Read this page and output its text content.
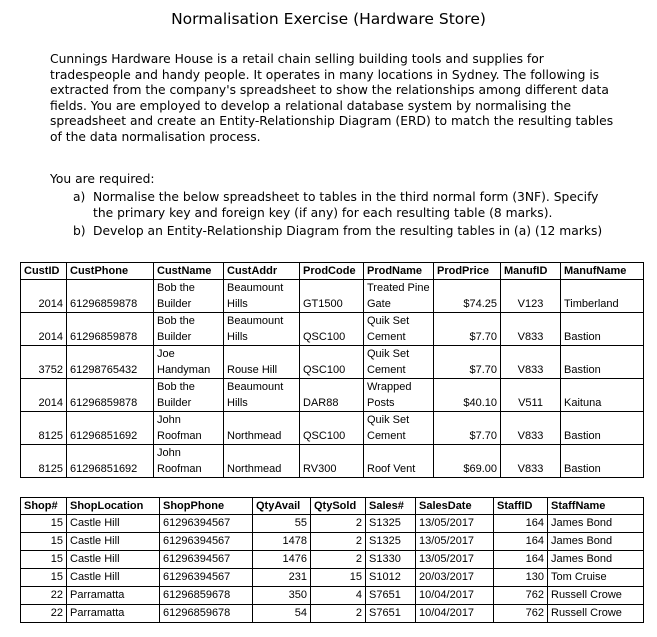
Normalisation Exercise (Hardware Store)

Cunnings Hardware House is a retail chain selling building tools and supplies for tradespeople and handy people. It operates in many locations in Sydney. The following is extracted from the company's spreadsheet to show the relationships among different data fields. You are employed to develop a relational database system by normalising the spreadsheet and create an Entity-Relationship Diagram (ERD) to match the resulting tables of the data normalisation process.

You are required:
a) Normalise the below spreadsheet to tables in the third normal form (3NF). Specify
the primary key and foreign key (if any) for each resulting table (8 marks).
b) Develop an Entity-Relationship Diagram from the resulting tables in (a) (12 marks)
CustID	CustPhone	CustName	CustAddr	ProdCode	ProdName	ProdPrice	ManufID	ManufName
2014	61296859878	Bob the Builder	Beaumount Hills	GT1500	Treated Pine Gate	$74.25	V123	Timberland
2014	61296859878	Bob the Builder	Beaumount Hills	QSC100	Quik Set Cement	$7.70	V833	Bastion
3752	61298765432	Joe Handyman	Rouse Hill	QSC100	Quik Set Cement	$7.70	V833	Bastion
2014	61296859878	Bob the Builder	Beaumount Hills	DAR88	Wrapped Posts	$40.10	V511	Kaituna
8125	61296851692	John Roofman	Northmead	QSC100	Quik Set Cement	$7.70	V833	Bastion
8125	61296851692	John Roofman	Northmead	RV300	Roof Vent	$69.00	V833	Bastion
Shop#	ShopLocation	ShopPhone	QtyAvail	QtySold	Sales#	SalesDate	StaffID	StaffName
15	Castle Hill	61296394567	55	2	S1325	13/05/2017	164	James Bond
15	Castle Hill	61296394567	1478	2	S1325	13/05/2017	164	James Bond
15	Castle Hill	61296394567	1476	2	S1330	13/05/2017	164	James Bond
15	Castle Hill	61296394567	231	15	S1012	20/03/2017	130	Tom Cruise
22	Parramatta	61296859678	350	4	S7651	10/04/2017	762	Russell Crowe
22	Parramatta	61296859678	54	2	S7651	10/04/2017	762	Russell Crowe
